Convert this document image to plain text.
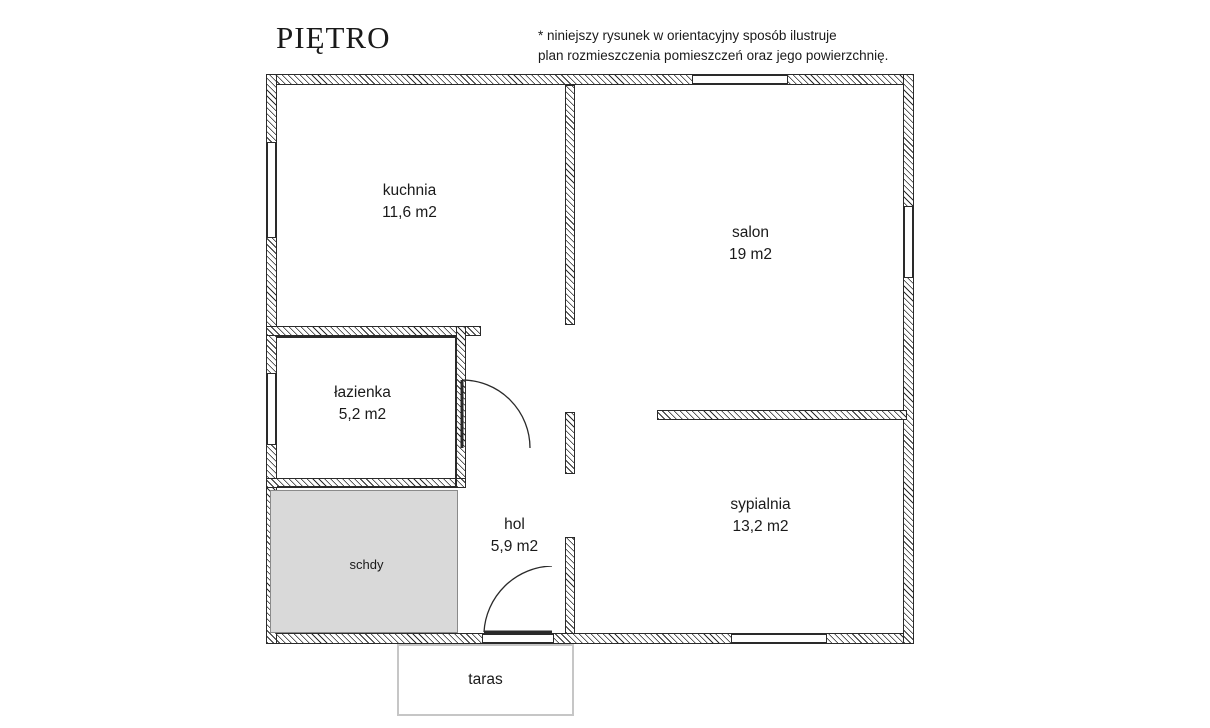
PIĘTRO	* niniejszy rysunek w orientacyjny sposób ilustruje
plan rozmieszczenia pomieszczeń oraz jego powierzchnię.
kuchnia
11,6 m2
salon
19 m2
łazienka
5,2 m2
sypialnia
13,2 m2
hol
5,9 m2
schdy
taras
